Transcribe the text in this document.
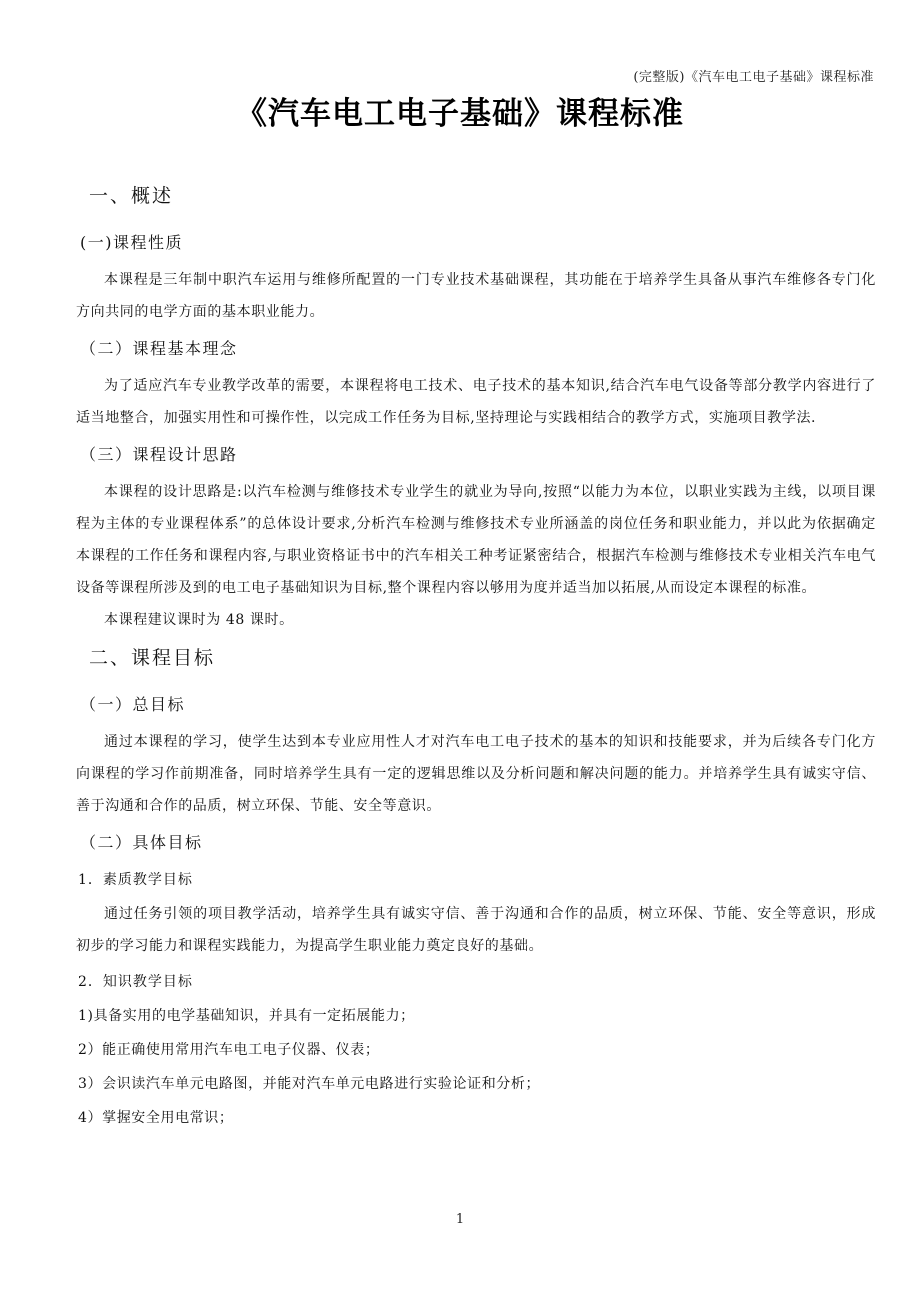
(完整版)《汽车电工电子基础》课程标准
《汽车电工电子基础》课程标准
一、概述
(一)课程性质

本课程是三年制中职汽车运用与维修所配置的一门专业技术基础课程，其功能在于培养学生具备从事汽车维修各专门化方向共同的电学方面的基本职业能力。

（二）课程基本理念

为了适应汽车专业教学改革的需要，本课程将电工技术、电子技术的基本知识,结合汽车电气设备等部分教学内容进行了适当地整合，加强实用性和可操作性，以完成工作任务为目标,坚持理论与实践相结合的教学方式，实施项目教学法.

（三）课程设计思路

本课程的设计思路是:以汽车检测与维修技术专业学生的就业为导向,按照“以能力为本位，以职业实践为主线，以项目课程为主体的专业课程体系”的总体设计要求,分析汽车检测与维修技术专业所涵盖的岗位任务和职业能力，并以此为依据确定本课程的工作任务和课程内容,与职业资格证书中的汽车相关工种考证紧密结合，根据汽车检测与维修技术专业相关汽车电气设备等课程所涉及到的电工电子基础知识为目标,整个课程内容以够用为度并适当加以拓展,从而设定本课程的标准。

本课程建议课时为 48 课时。

二、课程目标
（一）总目标

通过本课程的学习，使学生达到本专业应用性人才对汽车电工电子技术的基本的知识和技能要求，并为后续各专门化方向课程的学习作前期准备，同时培养学生具有一定的逻辑思维以及分析问题和解决问题的能力。并培养学生具有诚实守信、善于沟通和合作的品质，树立环保、节能、安全等意识。

（二）具体目标
1．素质教学目标

通过任务引领的项目教学活动，培养学生具有诚实守信、善于沟通和合作的品质，树立环保、节能、安全等意识，形成初步的学习能力和课程实践能力，为提高学生职业能力奠定良好的基础。

2．知识教学目标
1)具备实用的电学基础知识，并具有一定拓展能力；
2）能正确使用常用汽车电工电子仪器、仪表；
3）会识读汽车单元电路图，并能对汽车单元电路进行实验论证和分析；
4）掌握安全用电常识；
1
